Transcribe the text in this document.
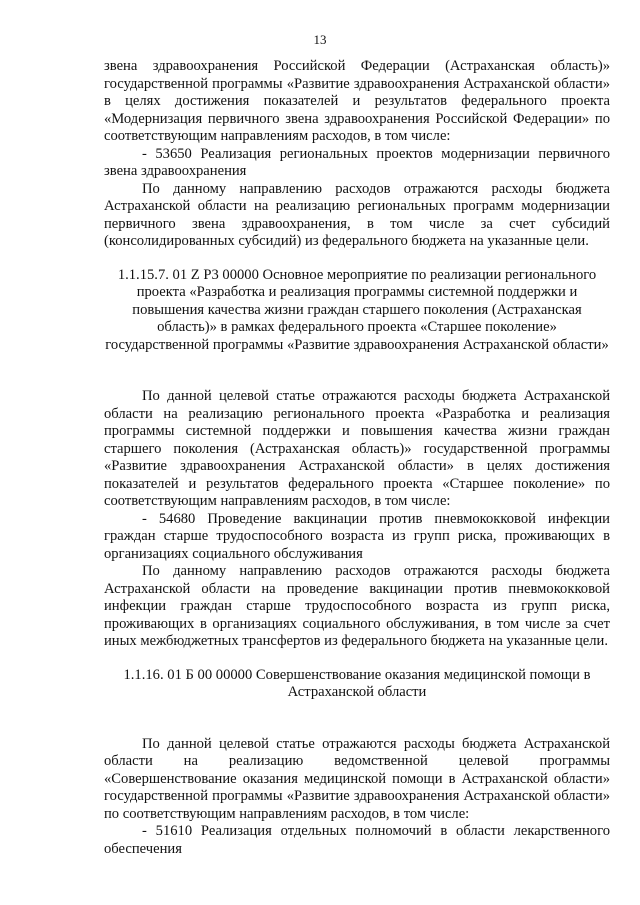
13

звена здравоохранения Российской Федерации (Астраханская область)» государственной программы «Развитие здравоохранения Астраханской области» в целях достижения показателей и результатов федерального проекта «Модернизация первичного звена здравоохранения Российской Федерации» по соответствующим направлениям расходов, в том числе:

- 53650 Реализация региональных проектов модернизации первичного звена здравоохранения

По данному направлению расходов отражаются расходы бюджета Астраханской области на реализацию региональных программ модернизации первичного звена здравоохранения, в том числе за счет субсидий (консолидированных субсидий) из федерального бюджета на указанные цели.

1.1.15.7. 01 Z P3 00000 Основное мероприятие по реализации регионального проекта «Разработка и реализация программы системной поддержки и повышения качества жизни граждан старшего поколения (Астраханская область)» в рамках федерального проекта «Старшее поколение» государственной программы «Развитие здравоохранения Астраханской области»

По данной целевой статье отражаются расходы бюджета Астраханской области на реализацию регионального проекта «Разработка и реализация программы системной поддержки и повышения качества жизни граждан старшего поколения (Астраханская область)» государственной программы «Развитие здравоохранения Астраханской области» в целях достижения показателей и результатов федерального проекта «Старшее поколение» по соответствующим направлениям расходов, в том числе:

- 54680 Проведение вакцинации против пневмококковой инфекции граждан старше трудоспособного возраста из групп риска, проживающих в организациях социального обслуживания

По данному направлению расходов отражаются расходы бюджета Астраханской области на проведение вакцинации против пневмококковой инфекции граждан старше трудоспособного возраста из групп риска, проживающих в организациях социального обслуживания, в том числе за счет иных межбюджетных трансфертов из федерального бюджета на указанные цели.

1.1.16. 01 Б 00 00000 Совершенствование оказания медицинской помощи в Астраханской области

По данной целевой статье отражаются расходы бюджета Астраханской области на реализацию ведомственной целевой программы «Совершенствование оказания медицинской помощи в Астраханской области» государственной программы «Развитие здравоохранения Астраханской области» по соответствующим направлениям расходов, в том числе:

- 51610 Реализация отдельных полномочий в области лекарственного обеспечения
